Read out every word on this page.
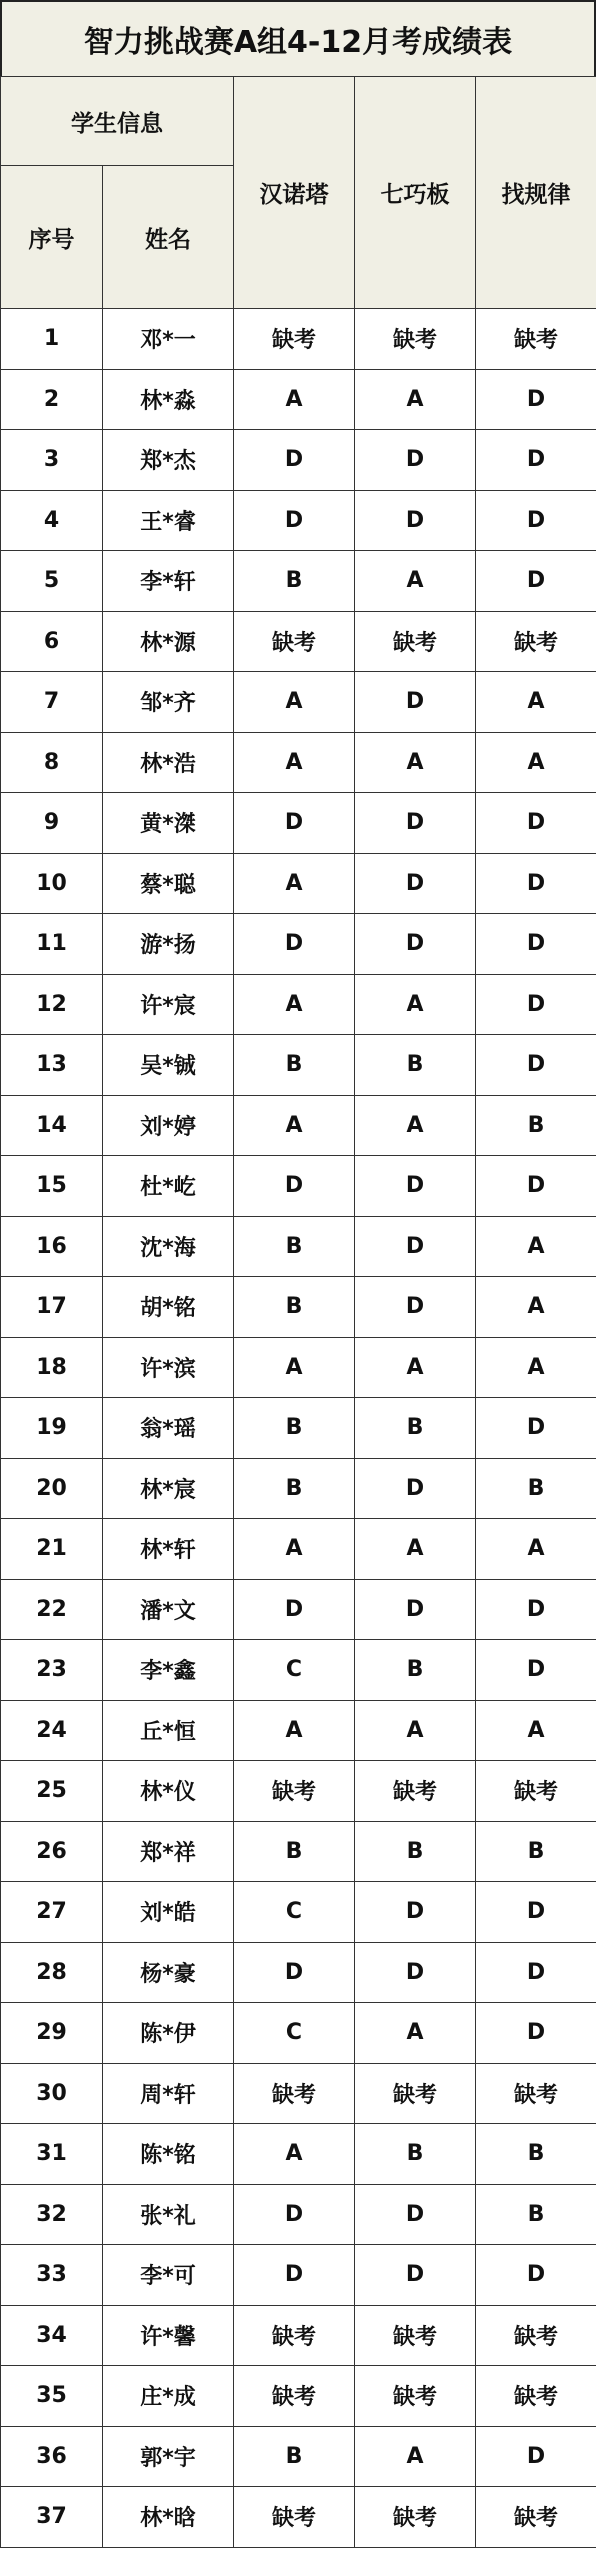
智力挑战赛A组4-12月考成绩表
学生信息		汉诺塔	七巧板	找规律
序号	姓名			
1	邓*一	缺考	缺考	缺考
2	林*淼	A	A	D
3	郑*杰	D	D	D
4	王*睿	D	D	D
5	李*轩	B	A	D
6	林*源	缺考	缺考	缺考
7	邹*齐	A	D	A
8	林*浩	A	A	A
9	黄*滐	D	D	D
10	蔡*聪	A	D	D
11	游*扬	D	D	D
12	许*宸	A	A	D
13	吴*铖	B	B	D
14	刘*婷	A	A	B
15	杜*屹	D	D	D
16	沈*海	B	D	A
17	胡*铭	B	D	A
18	许*滨	A	A	A
19	翁*瑶	B	B	D
20	林*宸	B	D	B
21	林*轩	A	A	A
22	潘*文	D	D	D
23	李*鑫	C	B	D
24	丘*恒	A	A	A
25	林*仪	缺考	缺考	缺考
26	郑*祥	B	B	B
27	刘*皓	C	D	D
28	杨*豪	D	D	D
29	陈*伊	C	A	D
30	周*轩	缺考	缺考	缺考
31	陈*铭	A	B	B
32	张*礼	D	D	B
33	李*可	D	D	D
34	许*馨	缺考	缺考	缺考
35	庄*成	缺考	缺考	缺考
36	郭*宇	B	A	D
37	林*晗	缺考	缺考	缺考
